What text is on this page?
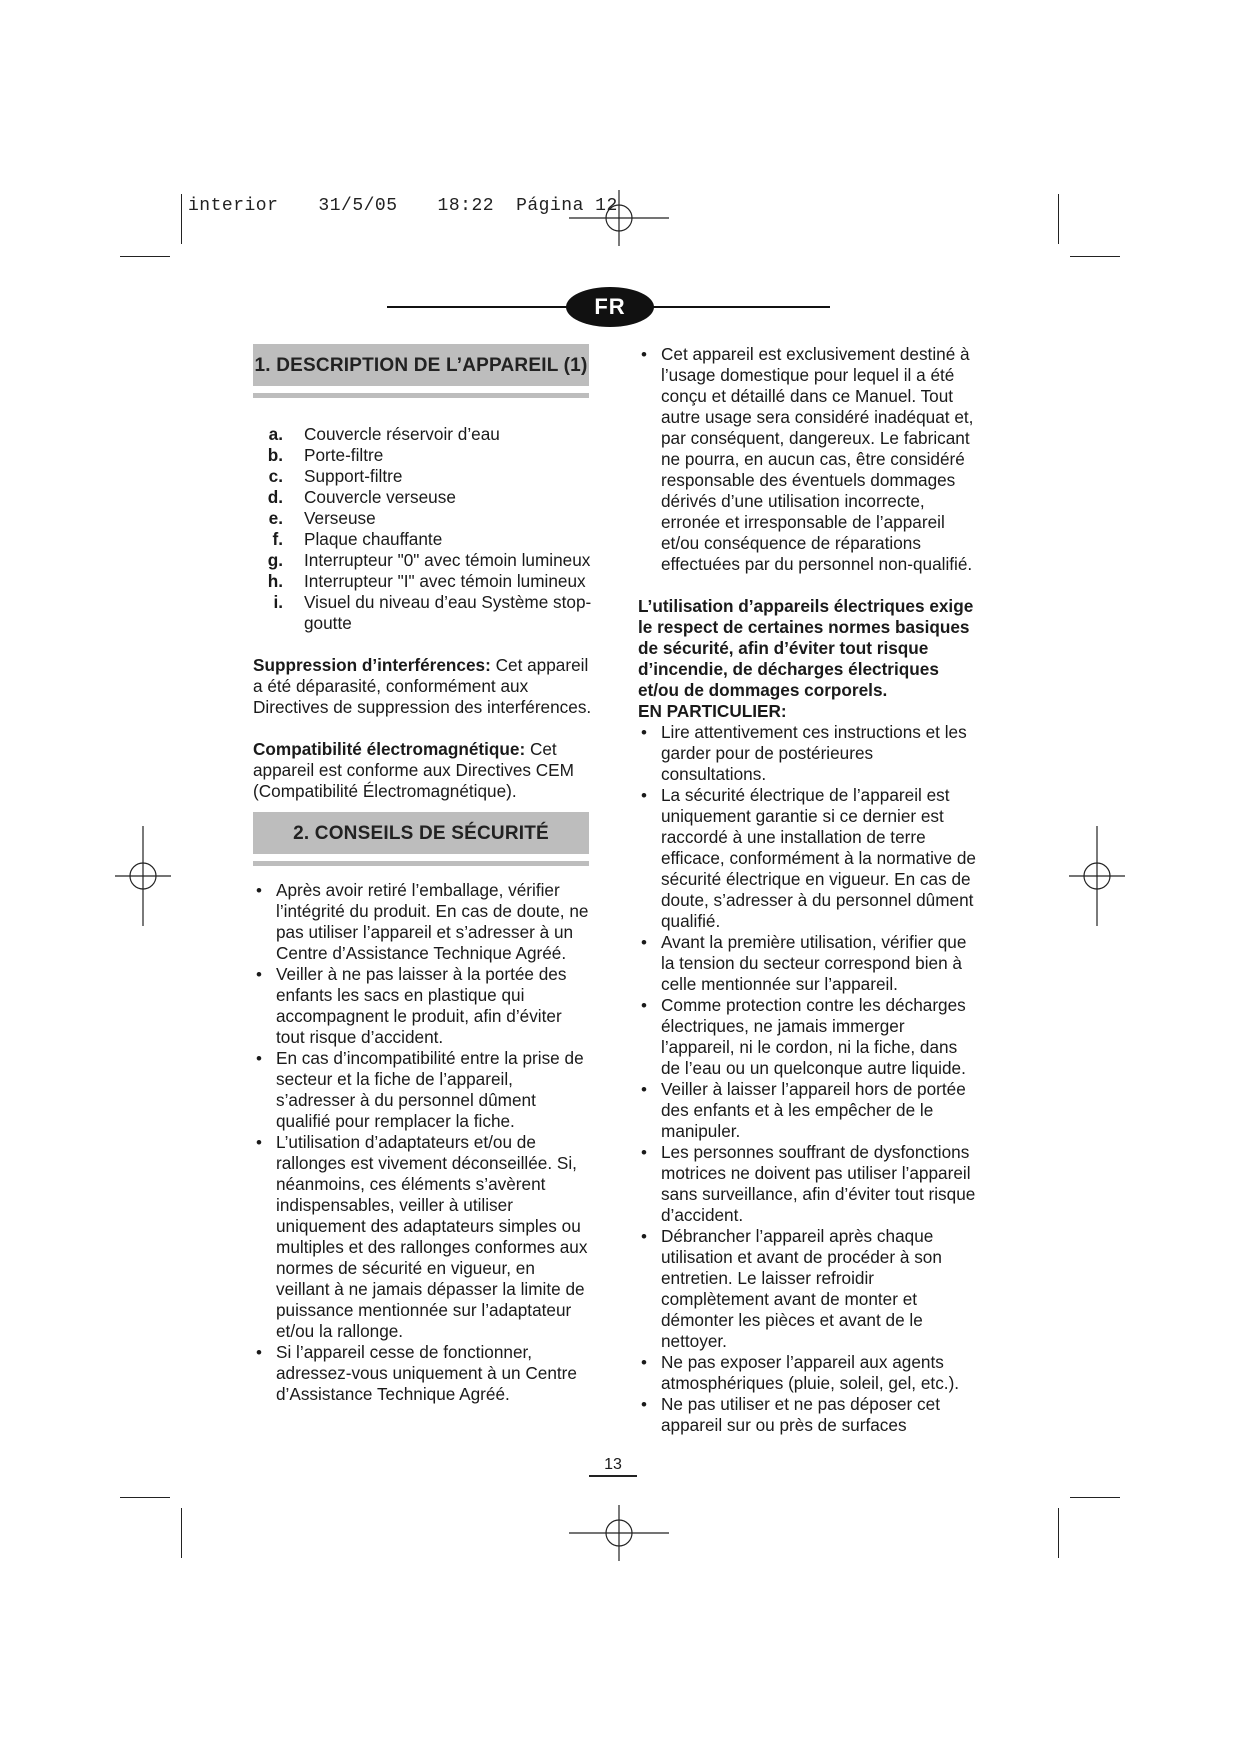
interior 31/5/05 18:22 Página 12
FR
1. DESCRIPTION DE L’APPAREIL (1)
a.	Couvercle réservoir d’eau
b.	Porte-filtre
c.	Support-filtre
d.	Couvercle verseuse
e.	Verseuse
f.	Plaque chauffante
g.	Interrupteur "0" avec témoin lumineux
h.	Interrupteur "I" avec témoin lumineux
i.	Visuel du niveau d’eau Système stop-goutte

Suppression d’interférences: Cet appareil a été déparasité, conformément aux Directives de suppression des interférences.

Compatibilité électromagnétique: Cet appareil est conforme aux Directives CEM (Compatibilité Électromagnétique).

2. CONSEILS DE SÉCURITÉ
• Après avoir retiré l’emballage, vérifier l’intégrité du produit. En cas de doute, ne pas utiliser l’appareil et s’adresser à un Centre d’Assistance Technique Agréé.
• Veiller à ne pas laisser à la portée des enfants les sacs en plastique qui accompagnent le produit, afin d’éviter tout risque d’accident.
• En cas d’incompatibilité entre la prise de secteur et la fiche de l’appareil, s’adresser à du personnel dûment qualifié pour remplacer la fiche.
• L’utilisation d’adaptateurs et/ou de rallonges est vivement déconseillée. Si, néanmoins, ces éléments s’avèrent indispensables, veiller à utiliser uniquement des adaptateurs simples ou multiples et des rallonges conformes aux normes de sécurité en vigueur, en veillant à ne jamais dépasser la limite de puissance mentionnée sur l’adaptateur et/ou la rallonge.
• Si l’appareil cesse de fonctionner, adressez-vous uniquement à un Centre d’Assistance Technique Agréé.
• Cet appareil est exclusivement destiné à l’usage domestique pour lequel il a été conçu et détaillé dans ce Manuel. Tout autre usage sera considéré inadéquat et, par conséquent, dangereux. Le fabricant ne pourra, en aucun cas, être considéré responsable des éventuels dommages dérivés d’une utilisation incorrecte, erronée et irresponsable de l’appareil et/ou conséquence de réparations effectuées par du personnel non-qualifié.

L’utilisation d’appareils électriques exige le respect de certaines normes basiques de sécurité, afin d’éviter tout risque d’incendie, de décharges électriques et/ou de dommages corporels.

EN PARTICULIER:

• Lire attentivement ces instructions et les garder pour de postérieures consultations.
• La sécurité électrique de l’appareil est uniquement garantie si ce dernier est raccordé à une installation de terre efficace, conformément à la normative de sécurité électrique en vigueur. En cas de doute, s’adresser à du personnel dûment qualifié.
• Avant la première utilisation, vérifier que la tension du secteur correspond bien à celle mentionnée sur l’appareil.
• Comme protection contre les décharges électriques, ne jamais immerger l’appareil, ni le cordon, ni la fiche, dans de l’eau ou un quelconque autre liquide.
• Veiller à laisser l’appareil hors de portée des enfants et à les empêcher de le manipuler.
• Les personnes souffrant de dysfonctions motrices ne doivent pas utiliser l’appareil sans surveillance, afin d’éviter tout risque d’accident.
• Débrancher l’appareil après chaque utilisation et avant de procéder à son entretien. Le laisser refroidir complètement avant de monter et démonter les pièces et avant de le nettoyer.
• Ne pas exposer l’appareil aux agents atmosphériques (pluie, soleil, gel, etc.).
• Ne pas utiliser et ne pas déposer cet appareil sur ou près de surfaces
13
